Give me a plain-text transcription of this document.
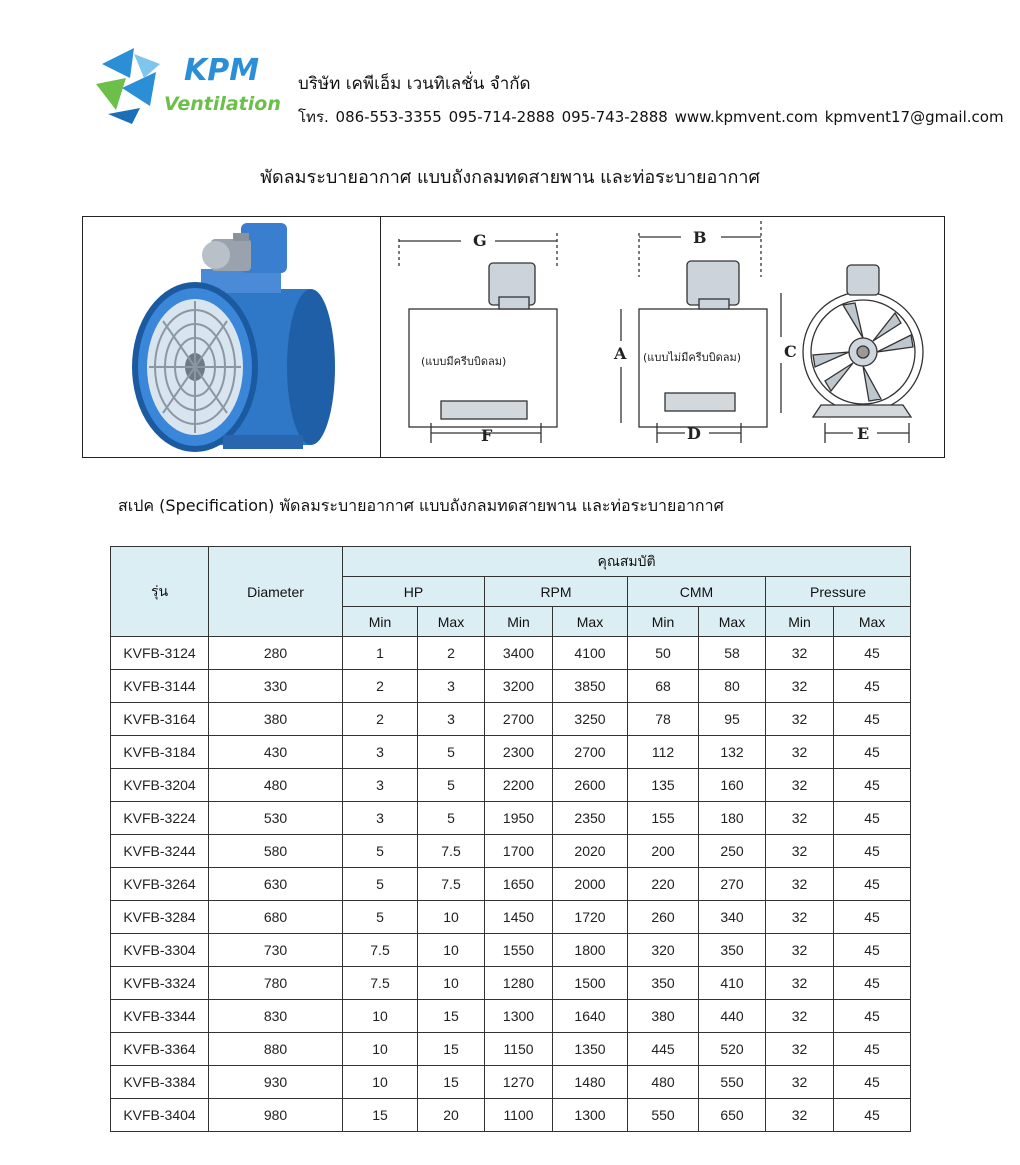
KPM
Ventilation
บริษัท เคพีเอ็ม เวนทิเลชั่น จำกัด
โทร. 086-553-3355 095-714-2888 095-743-2888 www.kpmvent.com kpmvent17@gmail.com
พัดลมระบายอากาศ แบบถังกลมทดสายพาน และท่อระบายอากาศ
G
(แบบมีครีบบิดลม)
F
B
(แบบไม่มีครีบบิดลม)
A
D
C
E
สเปค (Specification) พัดลมระบายอากาศ แบบถังกลมทดสายพาน และท่อระบายอากาศ
รุ่น	Diameter	คุณสมบัติ							
		HP		RPM		CMM		Pressure	
		Min	Max	Min	Max	Min	Max	Min	Max
KVFB-3124	280	1	2	3400	4100	50	58	32	45
KVFB-3144	330	2	3	3200	3850	68	80	32	45
KVFB-3164	380	2	3	2700	3250	78	95	32	45
KVFB-3184	430	3	5	2300	2700	112	132	32	45
KVFB-3204	480	3	5	2200	2600	135	160	32	45
KVFB-3224	530	3	5	1950	2350	155	180	32	45
KVFB-3244	580	5	7.5	1700	2020	200	250	32	45
KVFB-3264	630	5	7.5	1650	2000	220	270	32	45
KVFB-3284	680	5	10	1450	1720	260	340	32	45
KVFB-3304	730	7.5	10	1550	1800	320	350	32	45
KVFB-3324	780	7.5	10	1280	1500	350	410	32	45
KVFB-3344	830	10	15	1300	1640	380	440	32	45
KVFB-3364	880	10	15	1150	1350	445	520	32	45
KVFB-3384	930	10	15	1270	1480	480	550	32	45
KVFB-3404	980	15	20	1100	1300	550	650	32	45
